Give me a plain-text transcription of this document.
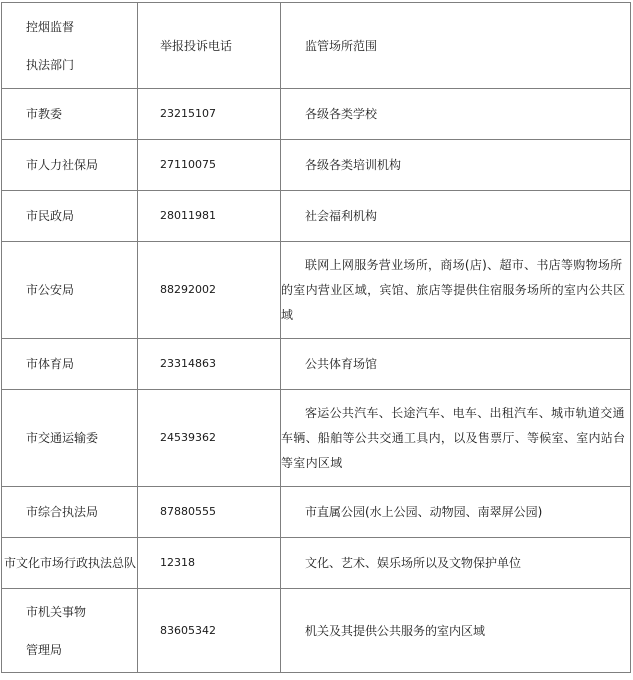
控烟监督
执法部门	举报投诉电话	监管场所范围
市教委	23215107	各级各类学校
市人力社保局	27110075	各级各类培训机构
市民政局	28011981	社会福利机构
市公安局	88292002	联网上网服务营业场所，商场(店)、超市、书店等购物场所的室内营业区域，宾馆、旅店等提供住宿服务场所的室内公共区域
市体育局	23314863	公共体育场馆
市交通运输委	24539362	客运公共汽车、长途汽车、电车、出租汽车、城市轨道交通车辆、船舶等公共交通工具内，以及售票厅、等候室、室内站台等室内区域
市综合执法局	87880555	市直属公园(水上公园、动物园、南翠屏公园)
市文化市场行政执法总队	12318	文化、艺术、娱乐场所以及文物保护单位

市机关事物
管理局	83605342	机关及其提供公共服务的室内区域
